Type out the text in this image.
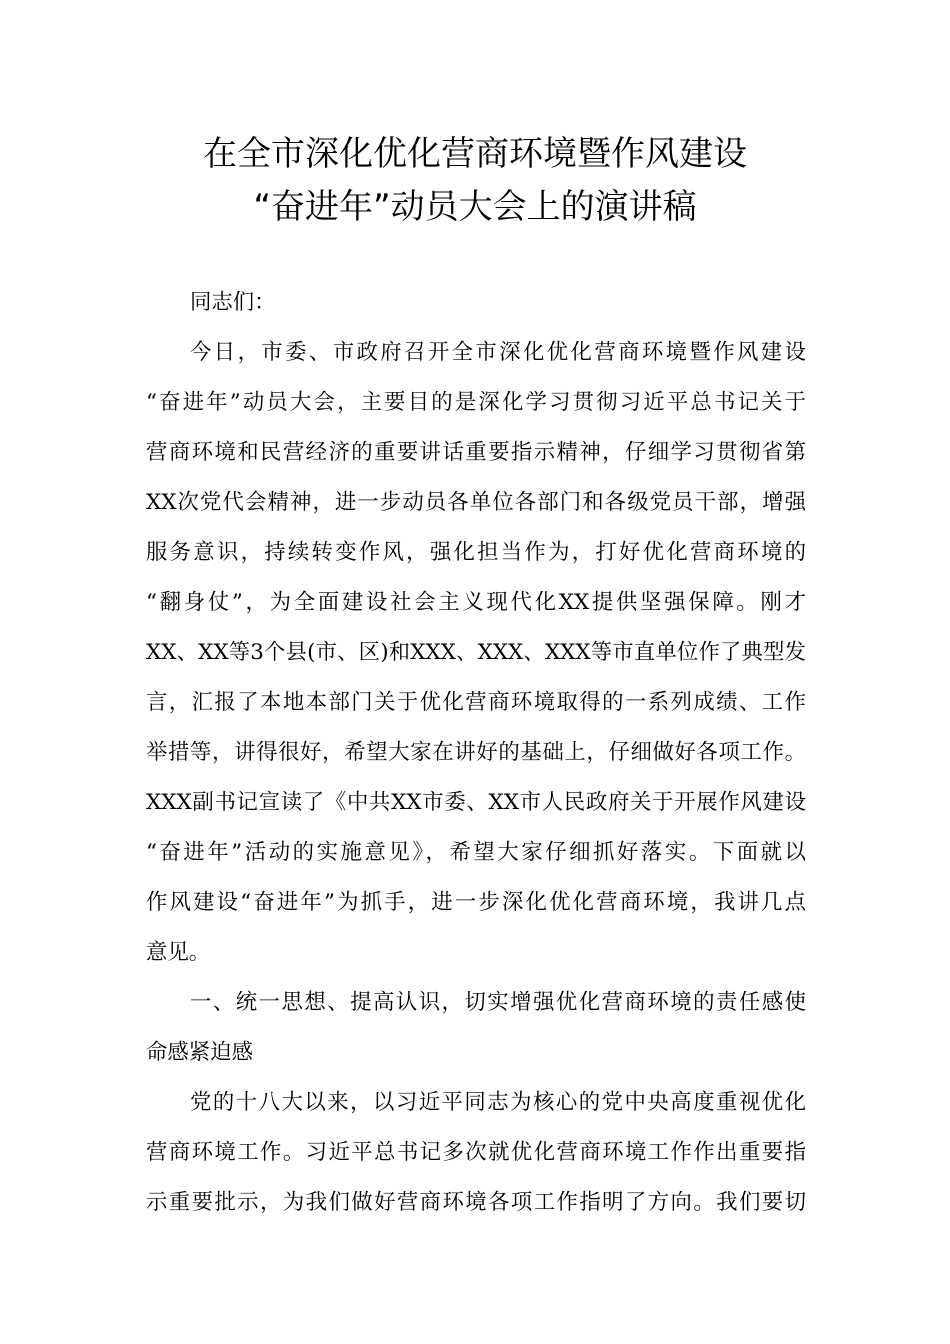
在全市深化优化营商环境暨作风建设
“奋进年”动员大会上的演讲稿
同志们：
今日，市委、市政府召开全市深化优化营商环境暨作风建设
“奋进年”动员大会，主要目的是深化学习贯彻习近平总书记关于
营商环境和民营经济的重要讲话重要指示精神，仔细学习贯彻省第
XX次党代会精神，进一步动员各单位各部门和各级党员干部，增强
服务意识，持续转变作风，强化担当作为，打好优化营商环境的
“翻身仗”，为全面建设社会主义现代化XX提供坚强保障。刚才
XX、XX等3个县(市、区)和XXX、XXX、XXX等市直单位作了典型发
言，汇报了本地本部门关于优化营商环境取得的一系列成绩、工作
举措等，讲得很好，希望大家在讲好的基础上，仔细做好各项工作。
XXX副书记宣读了《中共XX市委、XX市人民政府关于开展作风建设
“奋进年”活动的实施意见》，希望大家仔细抓好落实。下面就以
作风建设“奋进年”为抓手，进一步深化优化营商环境，我讲几点
意见。
一、统一思想、提高认识，切实增强优化营商环境的责任感使
命感紧迫感
党的十八大以来，以习近平同志为核心的党中央高度重视优化
营商环境工作。习近平总书记多次就优化营商环境工作作出重要指
示重要批示，为我们做好营商环境各项工作指明了方向。我们要切
